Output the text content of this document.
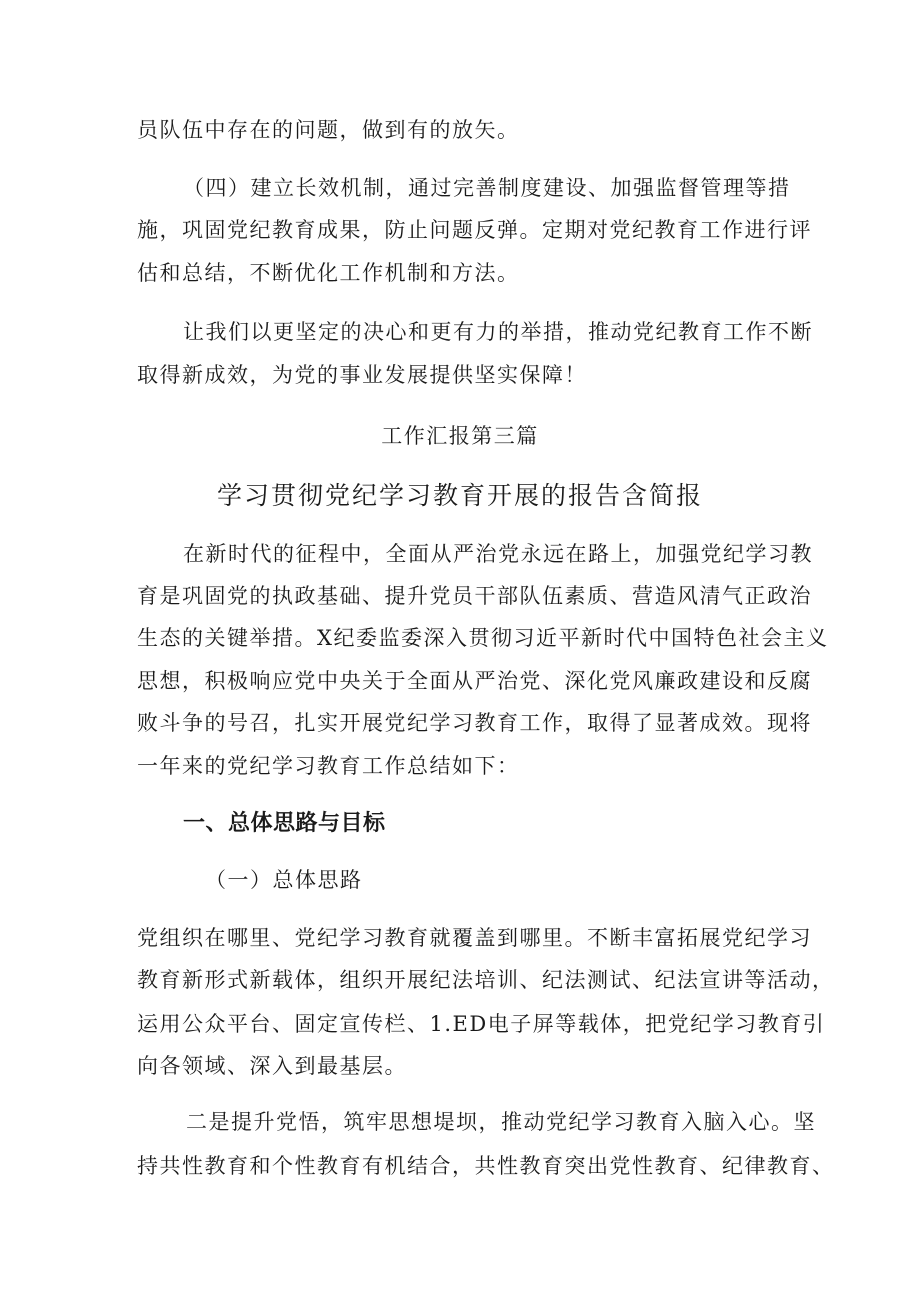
员队伍中存在的问题，做到有的放矢。
（四）建立长效机制，通过完善制度建设、加强监督管理等措
施，巩固党纪教育成果，防止问题反弹。定期对党纪教育工作进行评
估和总结，不断优化工作机制和方法。
让我们以更坚定的决心和更有力的举措，推动党纪教育工作不断
取得新成效，为党的事业发展提供坚实保障！
工作汇报第三篇
学习贯彻党纪学习教育开展的报告含简报
在新时代的征程中，全面从严治党永远在路上，加强党纪学习教
育是巩固党的执政基础、提升党员干部队伍素质、营造风清气正政治
生态的关键举措。X纪委监委深入贯彻习近平新时代中国特色社会主义
思想，积极响应党中央关于全面从严治党、深化党风廉政建设和反腐
败斗争的号召，扎实开展党纪学习教育工作，取得了显著成效。现将
一年来的党纪学习教育工作总结如下：
一、总体思路与目标
（一）总体思路
党组织在哪里、党纪学习教育就覆盖到哪里。不断丰富拓展党纪学习
教育新形式新载体，组织开展纪法培训、纪法测试、纪法宣讲等活动，
运用公众平台、固定宣传栏、1.ED电子屏等载体，把党纪学习教育引
向各领域、深入到最基层。
二是提升党悟，筑牢思想堤坝，推动党纪学习教育入脑入心。坚
持共性教育和个性教育有机结合，共性教育突出党性教育、纪律教育、
